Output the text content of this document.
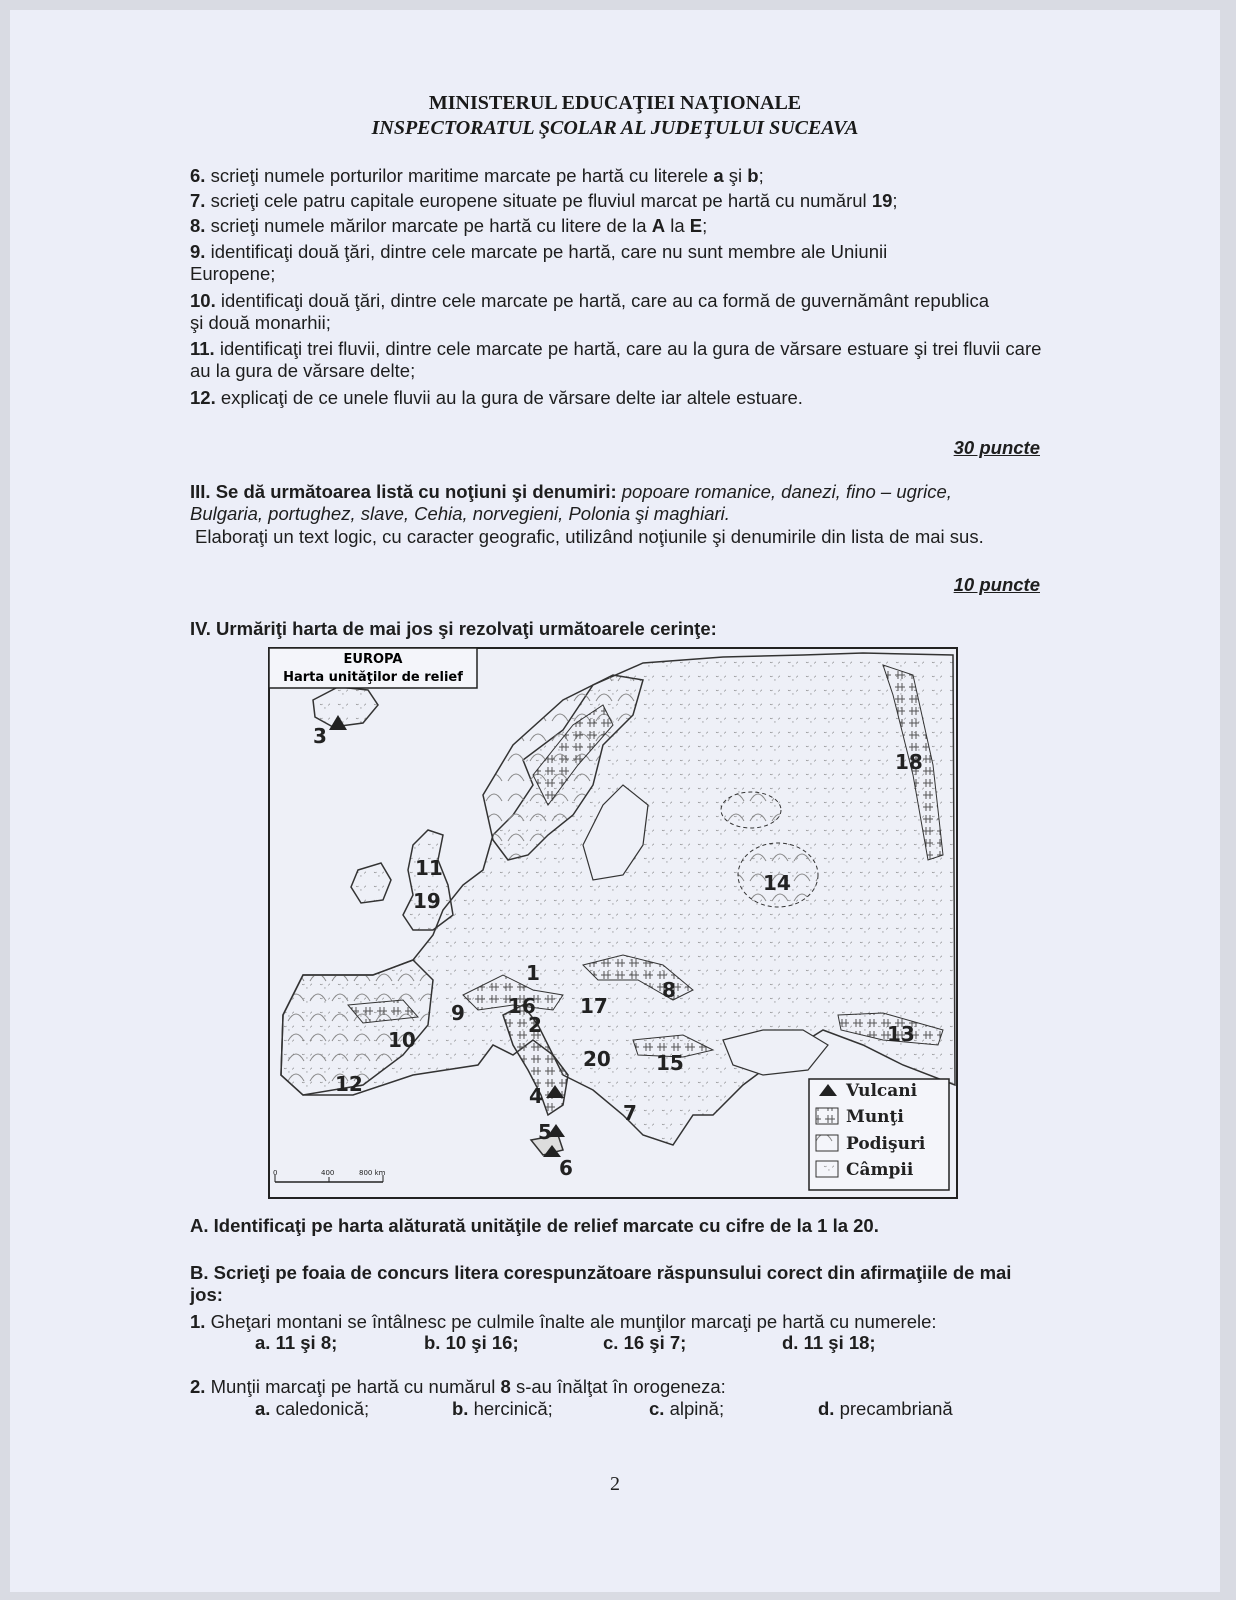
MINISTERUL EDUCAŢIEI NAŢIONALE
INSPECTORATUL ŞCOLAR AL JUDEŢULUI SUCEAVA
6. scrieţi numele porturilor maritime marcate pe hartă cu literele a şi b;
7. scrieţi cele patru capitale europene situate pe fluviul marcat pe hartă cu numărul 19;
8. scrieţi numele mărilor marcate pe hartă cu litere de la A la E;
9. identificaţi două ţări, dintre cele marcate pe hartă, care nu sunt membre ale Uniunii Europene;
10. identificaţi două ţări, dintre cele marcate pe hartă, care au ca formă de guvernământ republica şi două monarhii;
11. identificaţi trei fluvii, dintre cele marcate pe hartă, care au la gura de vărsare estuare şi trei fluvii care au la gura de vărsare delte;
12. explicaţi de ce unele fluvii au la gura de vărsare delte iar altele estuare.
30 puncte
III. Se dă următoarea listă cu noţiuni şi denumiri: popoare romanice, danezi, fino – ugrice, Bulgaria, portughez, slave, Cehia, norvegieni, Polonia şi maghiari.
Elaboraţi un text logic, cu caracter geografic, utilizând noţiunile şi denumirile din lista de mai sus.
10 puncte
IV. Urmăriţi harta de mai jos şi rezolvaţi următoarele cerinţe:
EUROPA
Harta unităţilor de relief
1
2
3
4
5
6
7
8
9
10
11
12
13
14
15
16 17
18
19
20
0	400	800 km
Vulcani
Munţi
Podişuri
Câmpii
A. Identificaţi pe harta alăturată unităţile de relief marcate cu cifre de la 1 la 20.
B. Scrieţi pe foaia de concurs litera corespunzătoare răspunsului corect din afirmaţiile de mai jos:
1. Gheţari montani se întâlnesc pe culmile înalte ale munţilor marcaţi pe hartă cu numerele:
a. 11 şi 8;	b. 10 şi 16;	c. 16 şi 7;	d. 11 şi 18;
2. Munţii marcaţi pe hartă cu numărul 8 s-au înălţat în orogeneza:
a. caledonică;	b. hercinică;	c. alpină;	d. precambriană
2
